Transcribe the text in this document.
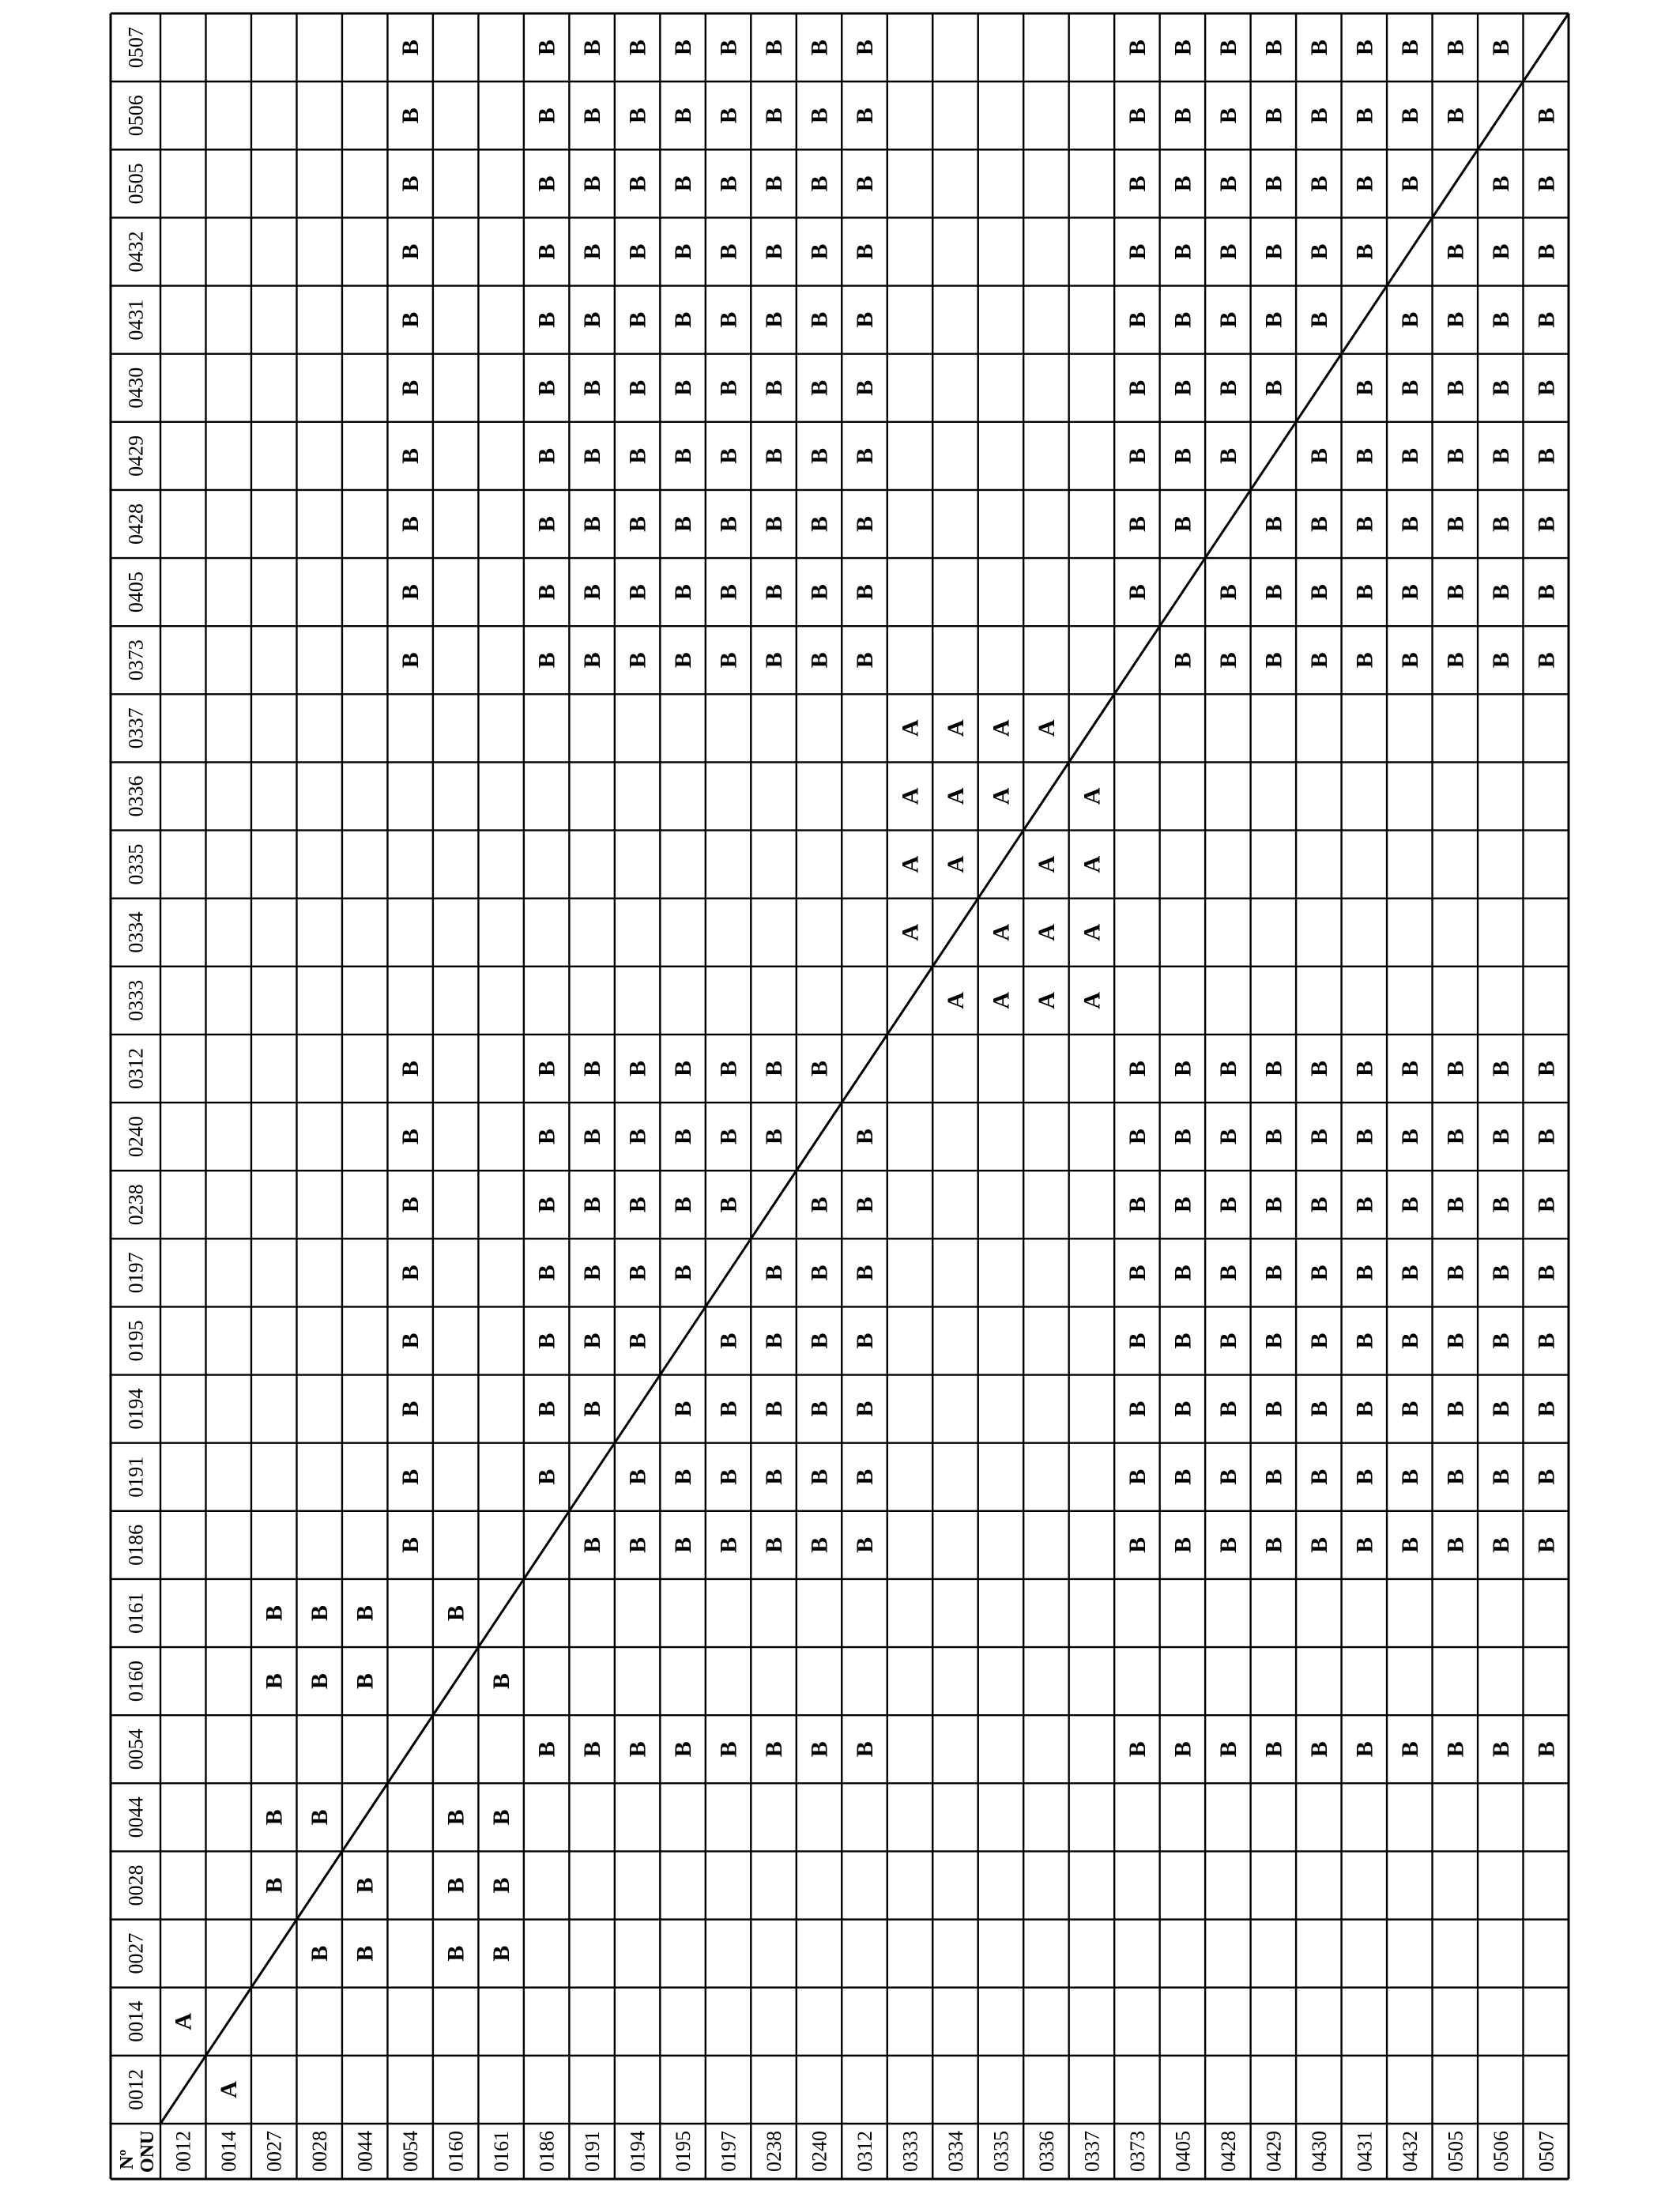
Nº ONU 0012 0014 0027 0028 0044 0054 0160 0161 0186 0191 0194 0195 0197 0238 0240 0312 0333 0334 0335 0336 0337 0373 0405 0428 0429 0430 0431 0432 0505 0506 0507
0012
0014
0027
0028
0044
0054
0160
0161
0186
0191
0194
0195
0197
0238
0240
0312
0333
0334
0335
0336
0337
0373
0405
0428
0429
0430
0431
0432
0505
0506
0507
A
A
B
B
B
B
B
B
B
B
B
B
B
B
B
B
B
B
B
B
B
B
B
B
B
B
B
B
B
B
B
B
B
B
B
B
B
B
B
B
B
B
B
B
B
B
B
B
B
B
B
B
B
B
B
B
B
B
B
B
B
B
B
B
B
B
B
B
B
B
B
B
B
B
B
B
B
B
B
B
B
B
B
B
B
B
B
B
B
B
B
B
B
B
B
B
B
B
B
B
B
B
B
B
B
B
B
B
B
B
B
B
B
B
B
B
B
B
B
B
B
B
B
B
B
B
B
B
B
B
B
B
B
B
B
B
B
B
B
B
B
B
B
B
B
B
B
B
B
B
B
B
B
B
B
B
B
B
B
B
B
B
B
B
B
B
B
B
B
B
B
B
B
B
B
B
B
B
B
B
B
B
B
B
A
A
A
A
A
A
A
A
A
A
A
A
A
A
A
A
A
A
A
A
B
B
B
B
B
B
B
B
B
B
B
B
B
B
B
B
B
B
B
B
B
B
B
B
B
B
B
B
B
B
B
B
B
B
B
B
B
B
B
B
B
B
B
B
B
B
B
B
B
B
B
B
B
B
B
B
B
B
B
B
B
B
B
B
B
B
B
B
B
B
B
B
B
B
B
B
B
B
B
B
B
B
B
B
B
B
B
B
B
B
B
B
B
B
B
B
B
B
B
B
B
B
B
B
B
B
B
B
B
B
B
B
B
B
B
B
B
B
B
B
B
B
B
B
B
B
B
B
B
B
B
B
B
B
B
B
B
B
B
B
B
B
B
B
B
B
B
B
B
B
B
B
B
B
B
B
B
B
B
B
B
B
B
B
B
B
B
B
B
B
B
B
B
B
B
B
B
B
B
B
